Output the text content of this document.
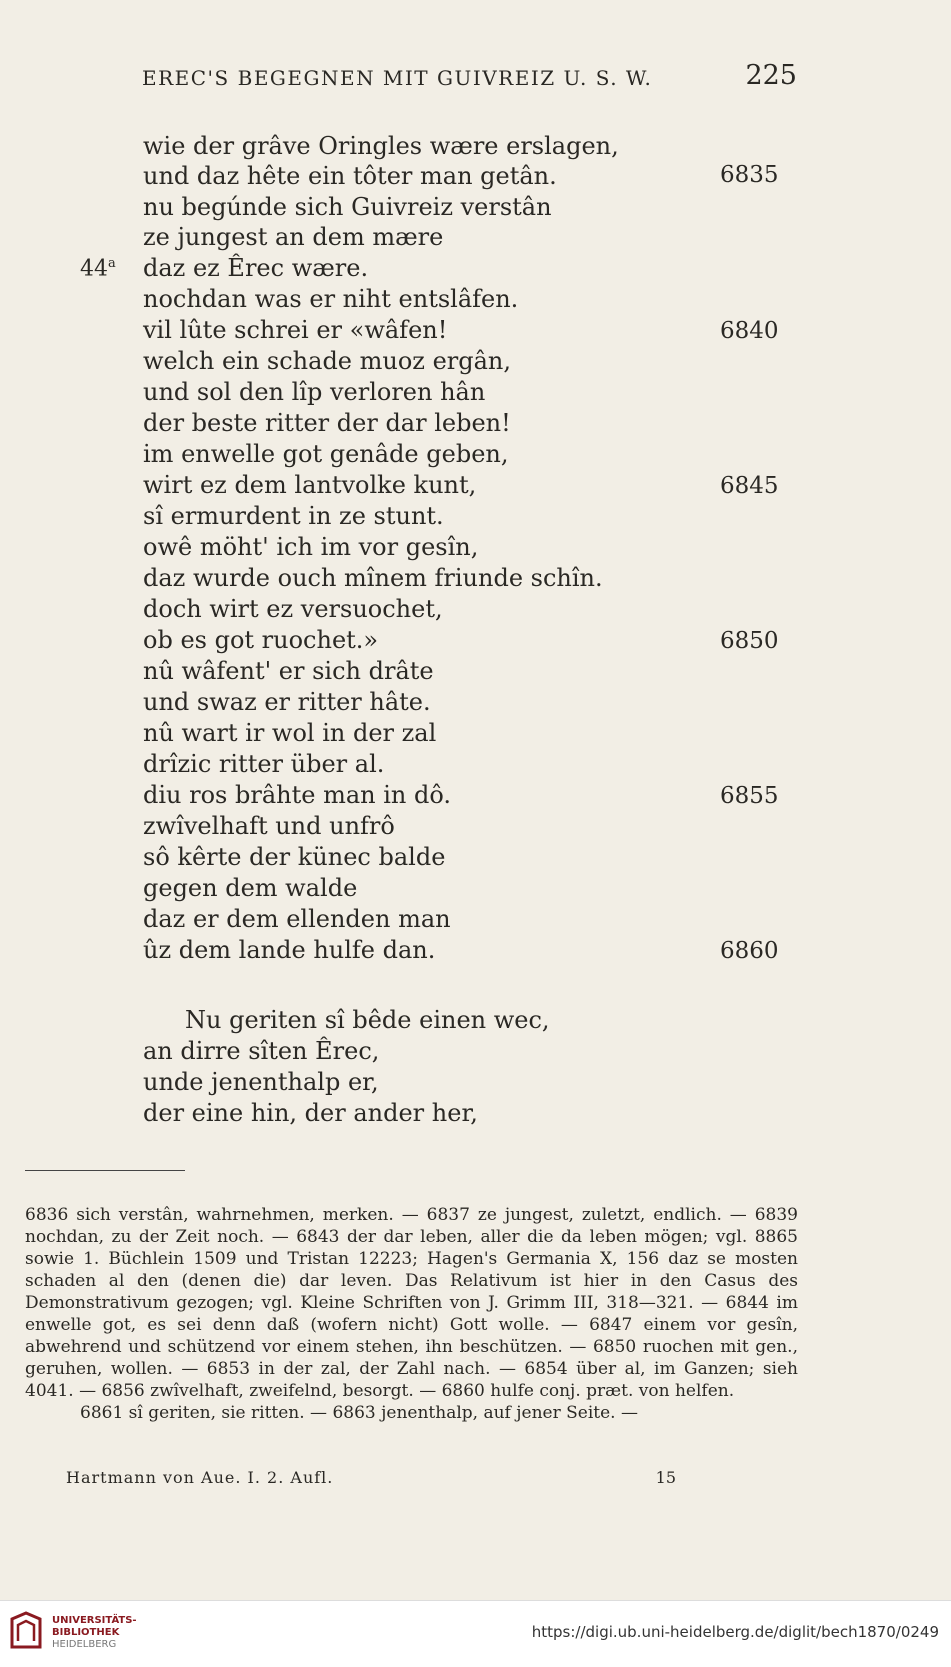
EREC'S BEGEGNEN MIT GUIVREIZ U. S. W.	225
wie der grâve Oringles wære erslagen,
und daz hête ein tôter man getân.
nu begúnde sich Guivreiz verstân
ze jungest an dem mære
daz ez Êrec wære.
nochdan was er niht entslâfen.
vil lûte schrei er «wâfen!
welch ein schade muoz ergân,
und sol den lîp verloren hân
der beste ritter der dar leben!
im enwelle got genâde geben,
wirt ez dem lantvolke kunt,
sî ermurdent in ze stunt.
owê möht' ich im vor gesîn,
daz wurde ouch mînem friunde schîn.
doch wirt ez versuochet,
ob es got ruochet.»
nû wâfent' er sich drâte
und swaz er ritter hâte.
nû wart ir wol in der zal
drîzic ritter über al.
diu ros brâhte man in dô.
zwîvelhaft und unfrô
sô kêrte der künec balde
gegen dem walde
daz er dem ellenden man
ûz dem lande hulfe dan.
Nu geriten sî bêde einen wec,
an dirre sîten Êrec,
unde jenenthalp er,
der eine hin, der ander her,
6835
6840
6845
6850
6855
6860
44$^a$

6836 sich verstân, wahrnehmen, merken. — 6837 ze jungest, zuletzt, endlich. — 6839 nochdan, zu der Zeit noch. — 6843 der dar leben, aller die da leben mögen; vgl. 8865 sowie 1. Büchlein 1509 und Tristan 12223; Hagen's Germania X, 156 daz se mosten schaden al den (denen die) dar leven. Das Relativum ist hier in den Casus des Demonstrativum gezogen; vgl. Kleine Schriften von J. Grimm III, 318—321. — 6844 im enwelle got, es sei denn daß (wofern nicht) Gott wolle. — 6847 einem vor gesîn, abwehrend und schützend vor einem stehen, ihn beschützen. — 6850 ruochen mit gen., geruhen, wollen. — 6853 in der zal, der Zahl nach. — 6854 über al, im Ganzen; sieh 4041. — 6856 zwîvelhaft, zweifelnd, besorgt. — 6860 hulfe conj. præt. von helfen.

6861 sî geriten, sie ritten. — 6863 jenenthalp, auf jener Seite. —

Hartmann von Aue. I. 2. Aufl.	15
UNIVERSITÄTS-
BIBLIOTHEK
HEIDELBERG
https://digi.ub.uni-heidelberg.de/diglit/bech1870/0249
